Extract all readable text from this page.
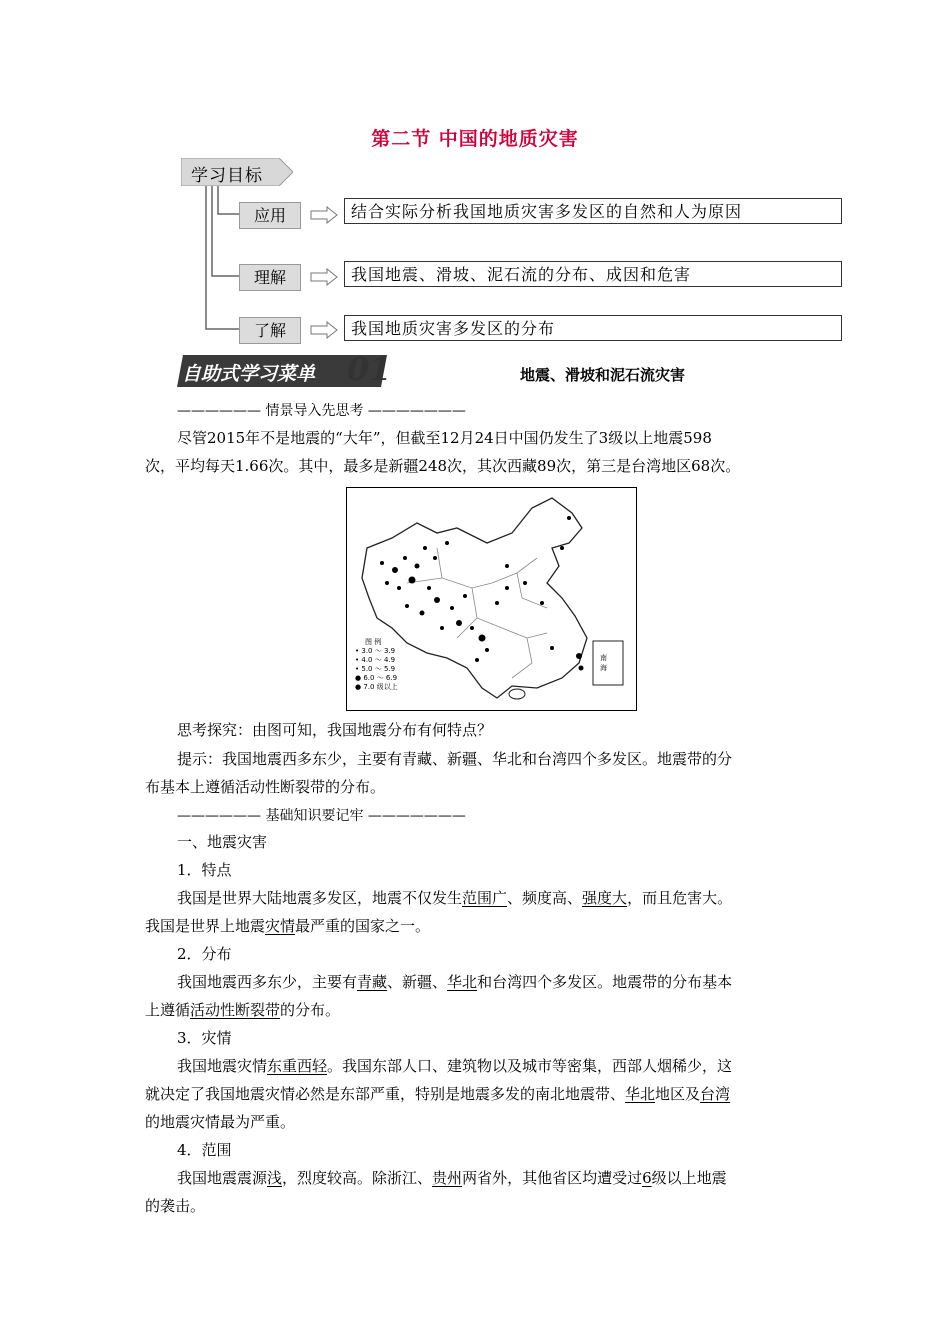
第二节 中国的地质灾害
学习目标
应用
理解
了解
结合实际分析我国地质灾害多发区的自然和人为原因
我国地震、滑坡、泥石流的分布、成因和危害
我国地质灾害多发区的分布
自助式学习菜单 01	地震、滑坡和泥石流灾害
—————— 情景导入先思考 ———————
尽管2015年不是地震的“大年”，但截至12月24日中国仍发生了3级以上地震598
次，平均每天1.66次。其中，最多是新疆248次，其次西藏89次，第三是台湾地区68次。
南
海
图 例
• 3.0 ～ 3.9
• 4.0 ～ 4.9
• 5.0 ～ 5.9
● 6.0 ～ 6.9
● 7.0 级以上
思考探究：由图可知，我国地震分布有何特点？
提示：我国地震西多东少，主要有青藏、新疆、华北和台湾四个多发区。地震带的分
布基本上遵循活动性断裂带的分布。
—————— 基础知识要记牢 ———————
一、地震灾害
1．特点
我国是世界大陆地震多发区，地震不仅发生范围广、频度高、强度大，而且危害大。
我国是世界上地震灾情最严重的国家之一。
2．分布
我国地震西多东少，主要有青藏、新疆、华北和台湾四个多发区。地震带的分布基本
上遵循活动性断裂带的分布。
3．灾情
我国地震灾情东重西轻。我国东部人口、建筑物以及城市等密集，西部人烟稀少，这
就决定了我国地震灾情必然是东部严重，特别是地震多发的南北地震带、华北地区及台湾
的地震灾情最为严重。
4．范围
我国地震震源浅，烈度较高。除浙江、贵州两省外，其他省区均遭受过6级以上地震
的袭击。
